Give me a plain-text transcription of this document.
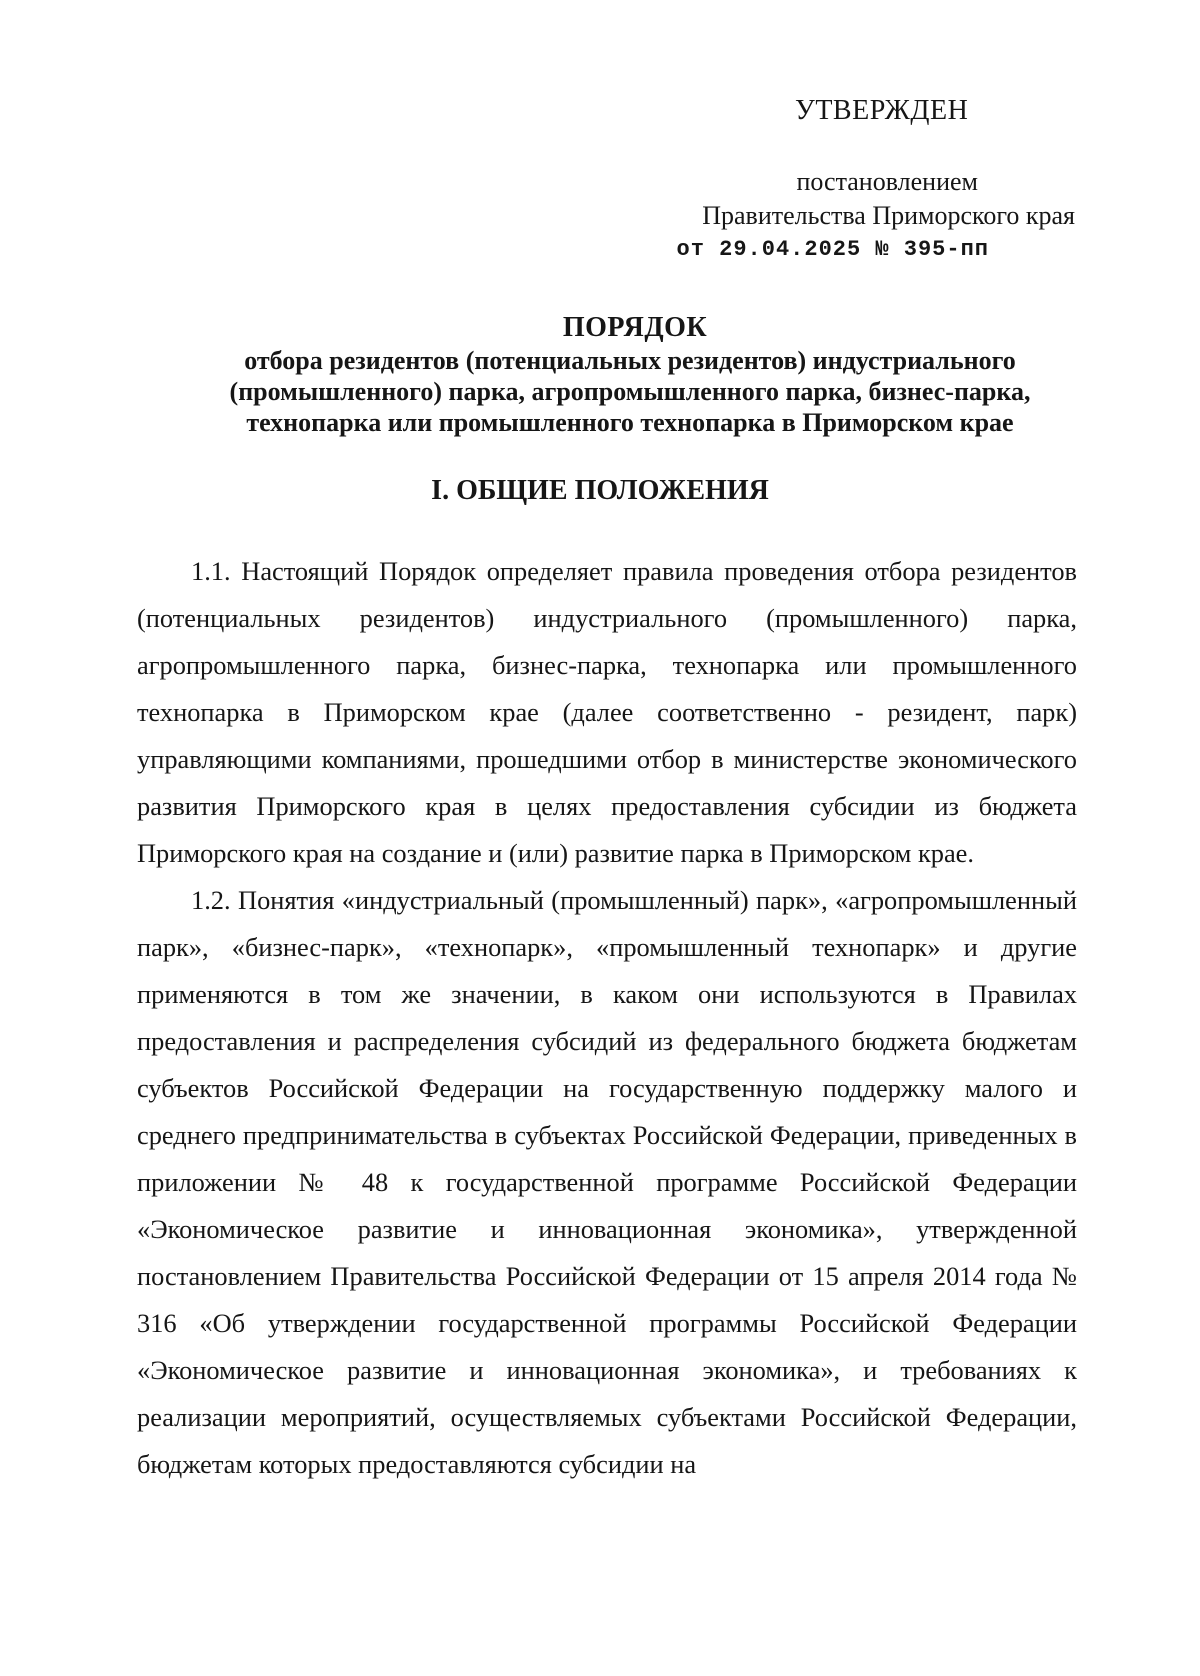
УТВЕРЖДЕН
постановлением
Правительства Приморского края
от 29.04.2025 № 395-пп
ПОРЯДОК
отбора резидентов (потенциальных резидентов) индустриального
(промышленного) парка, агропромышленного парка, бизнес-парка,
технопарка или промышленного технопарка в Приморском крае
I. ОБЩИЕ ПОЛОЖЕНИЯ

1.1. Настоящий Порядок определяет правила проведения отбора резидентов (потенциальных резидентов) индустриального (промышленного) парка, агропромышленного парка, бизнес-парка, технопарка или промышленного технопарка в Приморском крае (далее соответственно - резидент, парк) управляющими компаниями, прошедшими отбор в министерстве экономического развития Приморского края в целях предоставления субсидии из бюджета Приморского края на создание и (или) развитие парка в Приморском крае.

1.2. Понятия «индустриальный (промышленный) парк», «агропромышленный парк», «бизнес-парк», «технопарк», «промышленный технопарк» и другие применяются в том же значении, в каком они используются в Правилах предоставления и распределения субсидий из федерального бюджета бюджетам субъектов Российской Федерации на государственную поддержку малого и среднего предпринимательства в субъектах Российской Федерации, приведенных в приложении № 48 к государственной программе Российской Федерации «Экономическое развитие и инновационная экономика», утвержденной постановлением Правительства Российской Федерации от 15 апреля 2014 года № 316 «Об утверждении государственной программы Российской Федерации «Экономическое развитие и инновационная экономика», и требованиях к реализации мероприятий, осуществляемых субъектами Российской Федерации, бюджетам которых предоставляются субсидии на
